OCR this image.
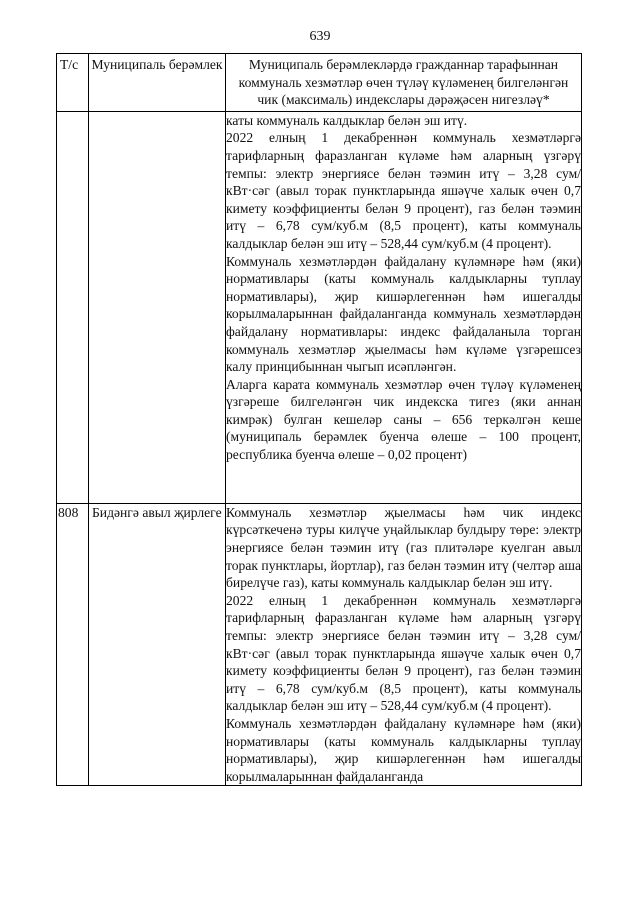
639
Т/с	Муниципаль берәмлек	Муниципаль берәмлекләрдә гражданнар тарафыннан коммуналь хезмәтләр өчен түләү күләменең билгеләнгән чик (максималь) индекслары дәрәҗәсен нигезләү*

		каты коммуналь калдыклар белән эш итү.

2022 елның 1 декабреннән коммуналь хезмәтләргә тарифларның фаразланган күләме һәм аларның үзгәрү темпы: электр энергиясе белән тәэмин итү – 3,28 сум/кВт·сәг (авыл торак пунктларында яшәүче халык өчен 0,7 кимету коэффициенты белән 9 процент), газ белән тәэмин итү – 6,78 сум/куб.м (8,5 процент), каты коммуналь калдыклар белән эш итү – 528,44 сум/куб.м (4 процент).

Коммуналь хезмәтләрдән файдалану күләмнәре һәм (яки) нормативлары (каты коммуналь калдыкларны туплау нормативлары), җир кишәрлегеннән һәм ишегалды корылмаларыннан файдаланганда коммуналь хезмәтләрдән файдалану нормативлары: индекс файдаланыла торган коммуналь хезмәтләр җыелмасы һәм күләме үзгәрешсез калу принцибыннан чыгып исәпләнгән.

Аларга карата коммуналь хезмәтләр өчен түләү күләменең үзгәреше билгеләнгән чик индекска тигез (яки аннан кимрәк) булган кешеләр саны – 656 теркәлгән кеше (муниципаль берәмлек буенча өлеше – 100 процент, республика буенча өлеше – 0,02 процент)

808	Бидәнгә авыл җирлеге	Коммуналь хезмәтләр җыелмасы һәм чик индекс күрсәткеченә туры килүче уңайлыклар булдыру төре: электр энергиясе белән тәэмин итү (газ плитәләре куелган авыл торак пунктлары, йортлар), газ белән тәэмин итү (челтәр аша бирелүче газ), каты коммуналь калдыклар белән эш итү.

2022 елның 1 декабреннән коммуналь хезмәтләргә тарифларның фаразланган күләме һәм аларның үзгәрү темпы: электр энергиясе белән тәэмин итү – 3,28 сум/кВт·сәг (авыл торак пунктларында яшәүче халык өчен 0,7 кимету коэффициенты белән 9 процент), газ белән тәэмин итү – 6,78 сум/куб.м (8,5 процент), каты коммуналь калдыклар белән эш итү – 528,44 сум/куб.м (4 процент).

Коммуналь хезмәтләрдән файдалану күләмнәре һәм (яки) нормативлары (каты коммуналь калдыкларны туплау нормативлары), җир кишәрлегеннән һәм ишегалды корылмаларыннан файдаланганда
